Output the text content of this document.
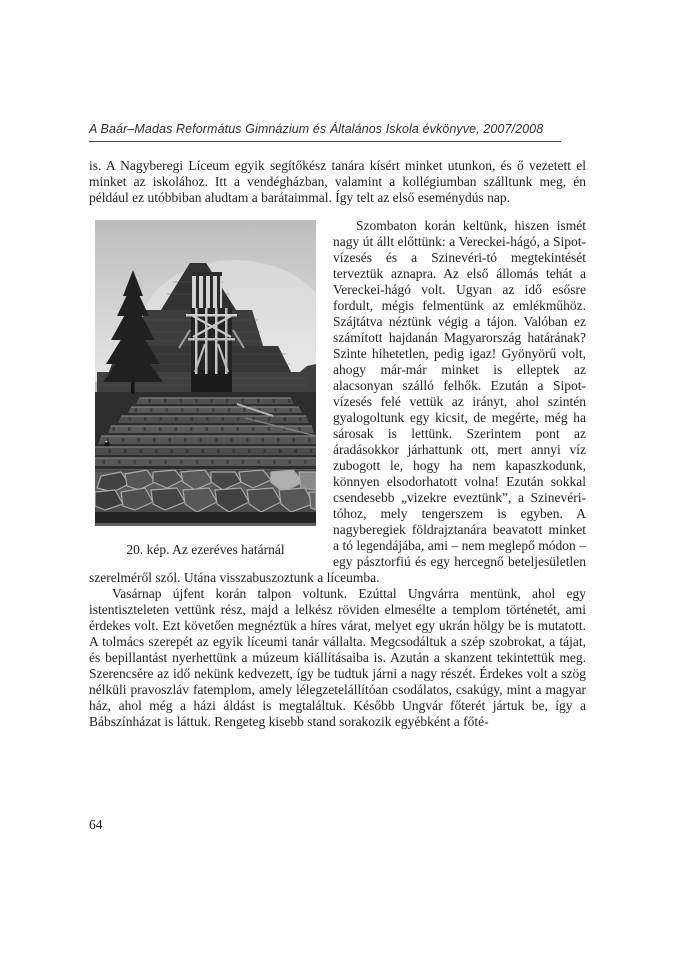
A Baár–Madas Református Gimnázium és Általános Iskola évkönyve, 2007/2008

is. A Nagyberegi Líceum egyik segítőkész tanára kísért minket utunkon, és ő vezetett el minket az iskolához. Itt a vendégházban, valamint a kollégiumban szálltunk meg, én például ez utóbbiban aludtam a barátaimmal. Így telt az első eseménydús nap.

20. kép. Az ezeréves határnál

Szombaton korán keltünk, hiszen ismét nagy út állt előttünk: a Vereckei-hágó, a Sipot-vízesés és a Szinevéri-tó megtekintését terveztük aznapra. Az első állomás tehát a Vereckei-hágó volt. Ugyan az idő esősre fordult, mégis felmentünk az emlékműhöz. Szájtátva néztünk végig a tájon. Valóban ez számított hajdanán Magyarország határának? Szinte hihetetlen, pedig igaz! Gyönyörű volt, ahogy már-már minket is elleptek az alacsonyan szálló felhők. Ezután a Sipot-vízesés felé vettük az irányt, ahol szintén gyalogoltunk egy kicsit, de megérte, még ha sárosak is lettünk. Szerintem pont az áradásokkor járhattunk ott, mert annyi víz zubogott le, hogy ha nem kapaszkodunk, könnyen elsodorhatott volna! Ezután sokkal csendesebb „vizekre eveztünk”, a Szinevéri-tóhoz, mely tengerszem is egyben. A nagyberegiek földrajztanára beavatott minket a tó legendájába, ami – nem meglepő módon – egy pásztorfiú és egy hercegnő beteljesületlen szerelméről szól. Utána visszabuszoztunk a líceumba.

Vasárnap újfent korán talpon voltunk. Ezúttal Ungvárra mentünk, ahol egy istentiszteleten vettünk rész, majd a lelkész röviden elmesélte a templom történetét, ami érdekes volt. Ezt követően megnéztük a híres várat, melyet egy ukrán hölgy be is mutatott. A tolmács szerepét az egyik líceumi tanár vállalta. Megcsodáltuk a szép szobrokat, a tájat, és bepillantást nyerhettünk a múzeum kiállításaiba is. Azután a skanzent tekintettük meg. Szerencsére az idő nekünk kedvezett, így be tudtuk járni a nagy részét. Érdekes volt a szög nélküli pravoszláv fatemplom, amely lélegzetelállítóan csodálatos, csakúgy, mint a magyar ház, ahol még a házi áldást is megtaláltuk. Később Ungvár főterét jártuk be, így a Bábszínházat is láttuk. Rengeteg kisebb stand sorakozik egyébként a főté-

64
